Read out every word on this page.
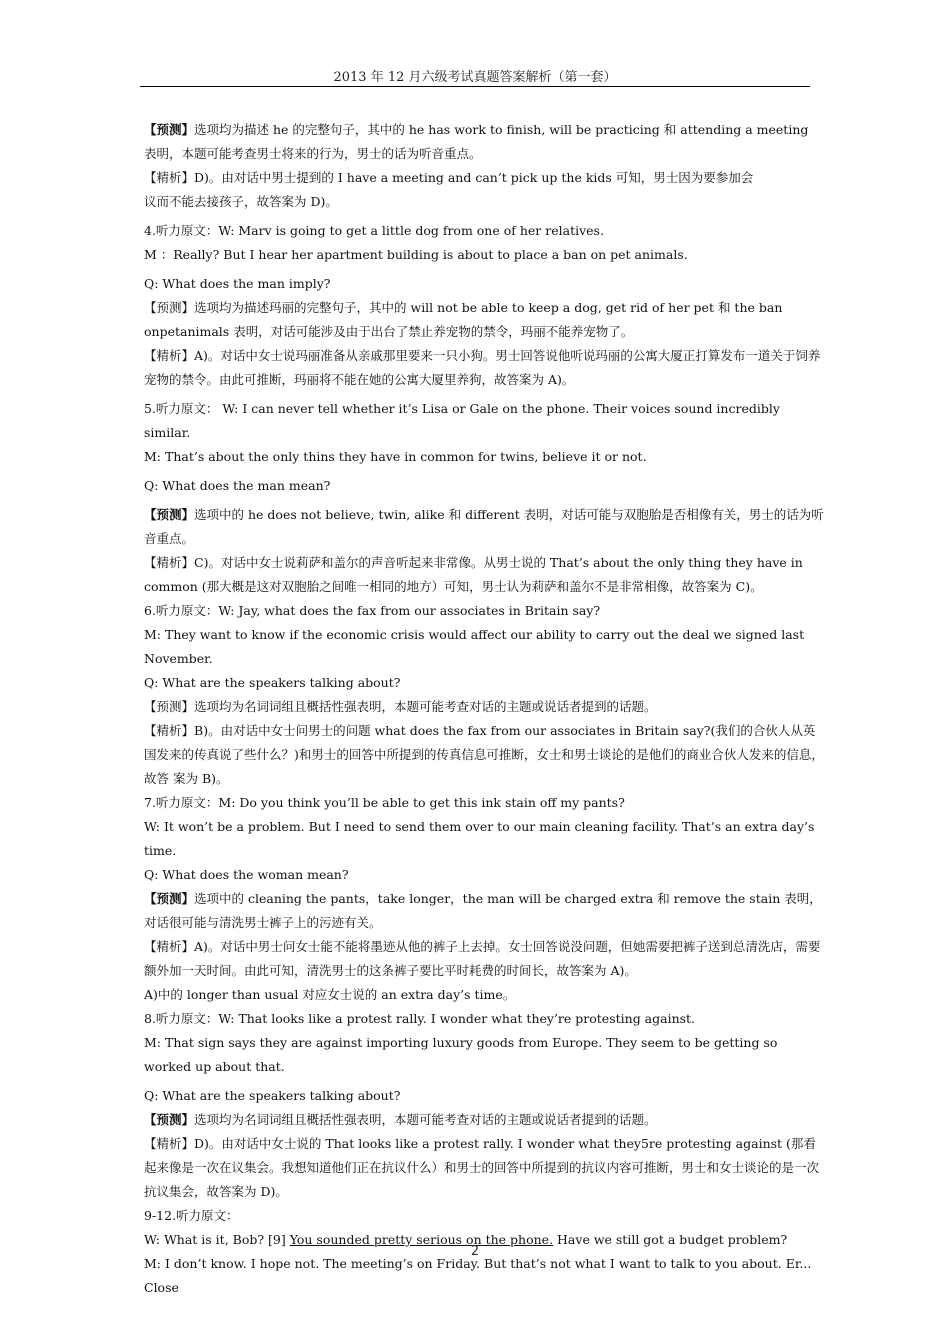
2013 年 12 月六级考试真题答案解析（第一套）

【预测】选项均为描述 he 的完整句子，其中的 he has work to finish, will be practicing 和 attending a meeting 表明，本题可能考查男士将来的行为，男士的话为听音重点。

【精析】D)。由对话中男士提到的 I have a meeting and can’t pick up the kids 可知，男士因为要参加会

议而不能去接孩子，故答案为 D)。

4.听力原文：W: Marv is going to get a little dog from one of her relatives.

M ：Really? But I hear her apartment building is about to place a ban on pet animals.

Q: What does the man imply?

【预测】选项均为描述玛丽的完整句子，其中的 will not be able to keep a dog, get rid of her pet 和 the ban onpetanimals 表明，对话可能涉及由于出台了禁止养宠物的禁令，玛丽不能养宠物了。

【精析】A)。对话中女士说玛丽准备从亲戚那里要来一只小狗。男士回答说他听说玛丽的公寓大厦正打算发布一道关于饲养宠物的禁令。由此可推断，玛丽将不能在她的公寓大厦里养狗，故答案为 A)。

5.听力原文： W: I can never tell whether it’s Lisa or Gale on the phone. Their voices sound incredibly similar.

M: That’s about the only thins they have in common for twins, believe it or not.

Q: What does the man mean?

【预测】选项中的 he does not believe, twin, alike 和 different 表明，对话可能与双胞胎是否相像有关，男士的话为听音重点。

【精析】C)。对话中女士说莉萨和盖尔的声音听起来非常像。从男士说的 That’s about the only thing they have in common (那大概是这对双胞胎之间唯一相同的地方）可知，男士认为莉萨和盖尔不是非常相像，故答案为 C)。

6.听力原文：W: Jay, what does the fax from our associates in Britain say?

M: They want to know if the economic crisis would affect our ability to carry out the deal we signed last November.

Q: What are the speakers talking about?

【预测】选项均为名词词组且概括性强表明，本题可能考查对话的主题或说话者提到的话题。

【精析】B)。由对话中女士问男士的问题 what does the fax from our associates in Britain say?(我们的合伙人从英国发来的传真说了些什么？)和男士的回答中所提到的传真信息可推断，女士和男士谈论的是他们的商业合伙人发来的信息，故答 案为 B)。

7.听力原文：M: Do you think you’ll be able to get this ink stain off my pants?

W: It won’t be a problem. But I need to send them over to our main cleaning facility. That’s an extra day’s time.

Q: What does the woman mean?

【预测】选项中的 cleaning the pants，take longer，the man will be charged extra 和 remove the stain 表明，对话很可能与清洗男士裤子上的污迹有关。

【精析】A)。对话中男士问女士能不能将墨迹从他的裤子上去掉。女士回答说没问题，但她需要把裤子送到总清洗店，需要额外加一天时间。由此可知，清洗男士的这条裤子要比平时耗费的时间长，故答案为 A)。

A)中的 longer than usual 对应女士说的 an extra day’s time。

8.听力原文：W: That looks like a protest rally. I wonder what they’re protesting against.

M: That sign says they are against importing luxury goods from Europe. They seem to be getting so worked up about that.

Q: What are the speakers talking about?

【预测】选项均为名词词组且概括性强表明，本题可能考查对话的主题或说话者提到的话题。

【精析】D)。由对话中女士说的 That looks like a protest rally. I wonder what they5re protesting against (那看起来像是一次在议集会。我想知道他们正在抗议什么）和男士的回答中所提到的抗议内容可推断，男士和女士谈论的是一次抗议集会，故答案为 D)。

9-12.听力原文：

W: What is it, Bob? [9] You sounded pretty serious on the phone. Have we still got a budget problem?

M: I don’t know. I hope not. The meeting’s on Friday. But that’s not what I want to talk to you about. Er... Close

2
